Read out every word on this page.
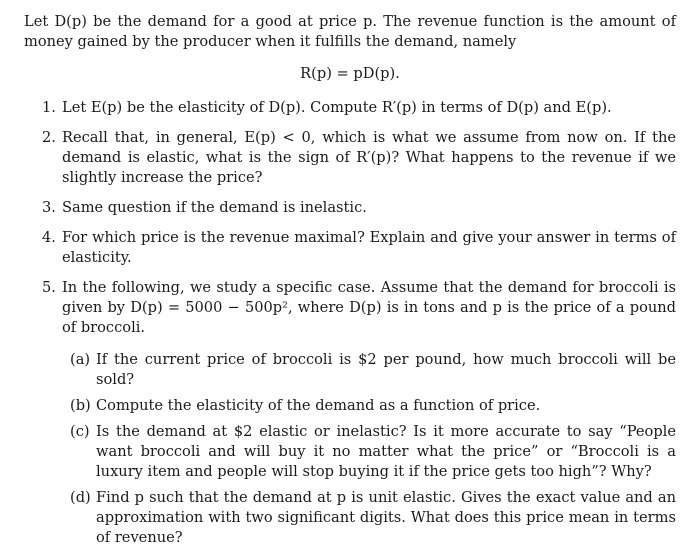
Let D(p) be the demand for a good at price p. The revenue function is the amount of money gained by the producer when it fulfills the demand, namely

R(p) = pD(p).
1. Let E(p) be the elasticity of D(p). Compute R′(p) in terms of D(p) and E(p).
2. Recall that, in general, E(p) < 0, which is what we assume from now on. If the demand is elastic, what is the sign of R′(p)? What happens to the revenue if we slightly increase the price?
3. Same question if the demand is inelastic.
4. For which price is the revenue maximal? Explain and give your answer in terms of elasticity.
5. In the following, we study a specific case. Assume that the demand for broccoli is given by D(p) = 5000 − 500p², where D(p) is in tons and p is the price of a pound of broccoli.
(a) If the current price of broccoli is $2 per pound, how much broccoli will be sold?
(b) Compute the elasticity of the demand as a function of price.
(c) Is the demand at $2 elastic or inelastic? Is it more accurate to say “People want broccoli and will buy it no matter what the price” or “Broccoli is a luxury item and people will stop buying it if the price gets too high”? Why?
(d) Find p such that the demand at p is unit elastic. Gives the exact value and an approximation with two significant digits. What does this price mean in terms of revenue?
